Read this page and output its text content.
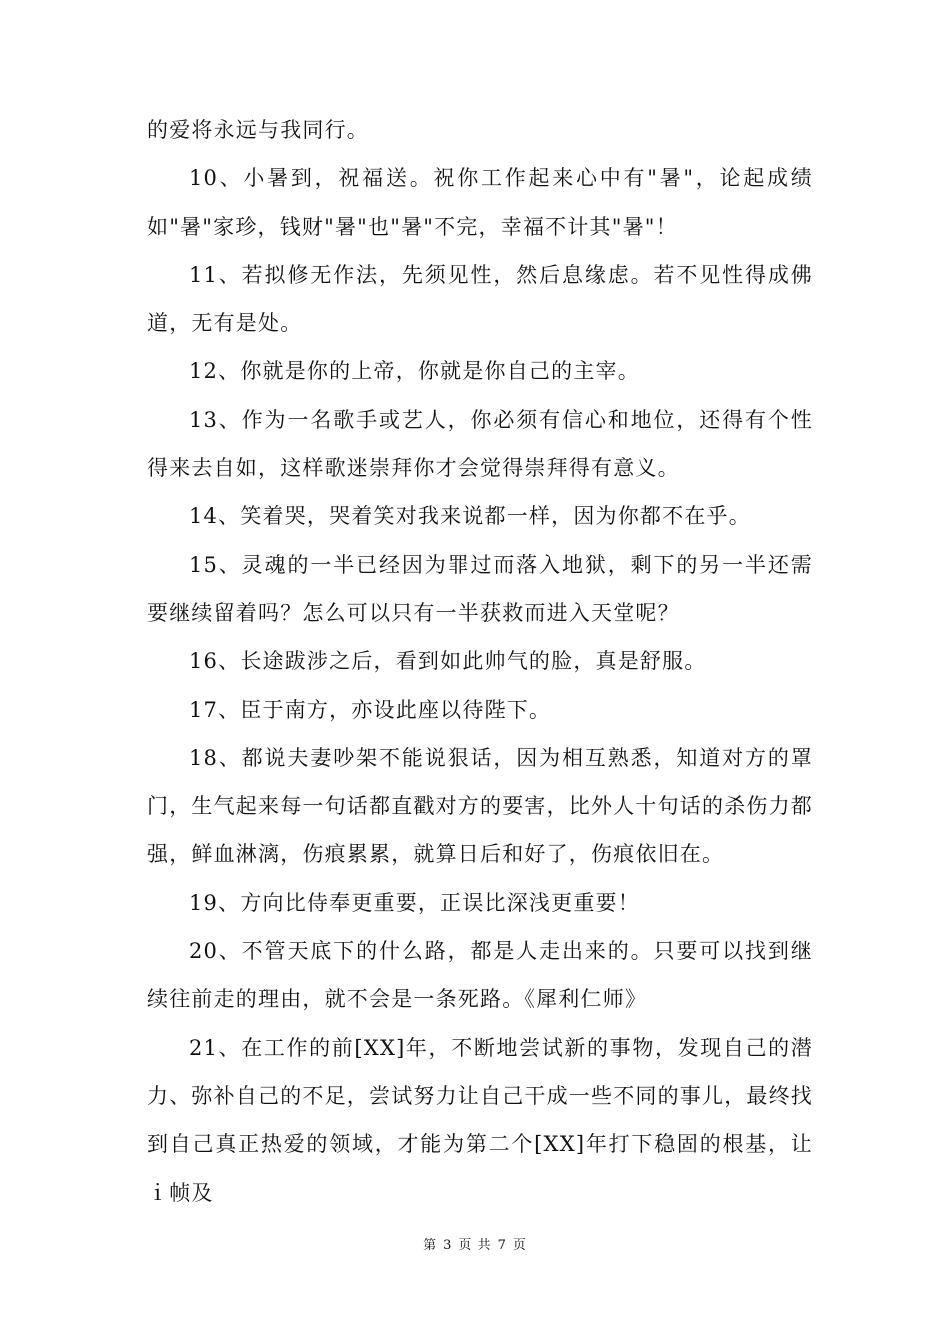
的爱将永远与我同行。

10、小暑到，祝福送。祝你工作起来心中有"暑"，论起成绩如"暑"家珍，钱财"暑"也"暑"不完，幸福不计其"暑"！

11、若拟修无作法，先须见性，然后息缘虑。若不见性得成佛道，无有是处。

12、你就是你的上帝，你就是你自己的主宰。

13、作为一名歌手或艺人，你必须有信心和地位，还得有个性得来去自如，这样歌迷崇拜你才会觉得崇拜得有意义。

14、笑着哭，哭着笑对我来说都一样，因为你都不在乎。

15、灵魂的一半已经因为罪过而落入地狱，剩下的另一半还需要继续留着吗？怎么可以只有一半获救而进入天堂呢？

16、长途跋涉之后，看到如此帅气的脸，真是舒服。

17、臣于南方，亦设此座以待陛下。

18、都说夫妻吵架不能说狠话，因为相互熟悉，知道对方的罩门，生气起来每一句话都直戳对方的要害，比外人十句话的杀伤力都强，鲜血淋漓，伤痕累累，就算日后和好了，伤痕依旧在。

19、方向比侍奉更重要，正误比深浅更重要！

20、不管天底下的什么路，都是人走出来的。只要可以找到继续往前走的理由，就不会是一条死路。《犀利仁师》

21、在工作的前[XX]年，不断地尝试新的事物，发现自己的潜力、弥补自己的不足，尝试努力让自己干成一些不同的事儿，最终找到自己真正热爱的领域，才能为第二个[XX]年打下稳固的根基，让ｉ帧及

第 3 页 共 7 页
